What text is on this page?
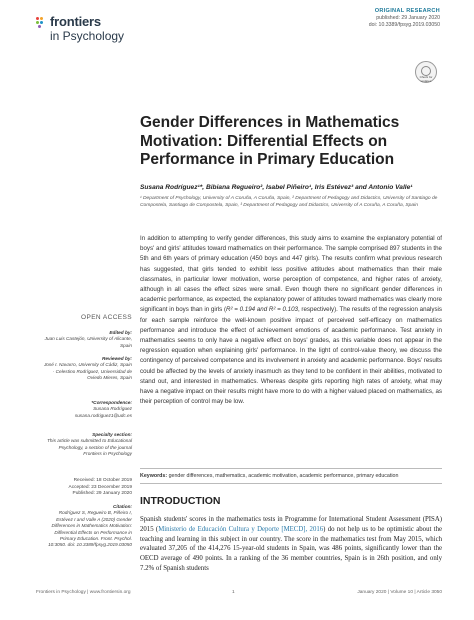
frontiers
in Psychology
ORIGINAL RESEARCH
published: 29 January 2020
doi: 10.3389/fpsyg.2019.03050
Check for updates
Gender Differences in Mathematics Motivation: Differential Effects on Performance in Primary Education
Susana Rodríguez¹*, Bibiana Regueiro², Isabel Piñeiro¹, Iris Estévez³ and Antonio Valle¹
¹ Department of Psychology, University of A Coruña, A Coruña, Spain, ² Department of Pedagogy and Didactics, University of Santiago de Compostela, Santiago de Compostela, Spain, ³ Department of Pedagogy and Didactics, University of A Coruña, A Coruña, Spain
OPEN ACCESS
Edited by:
Juan Luis Castejón, University of Alicante, Spain
Reviewed by:
José I. Navarro, University of Cádiz, Spain · Celestino Rodríguez, Universidad de Oviedo Mieres, Spain
*Correspondence:
Susana Rodríguez susana.rodriguez1@udc.es
Specialty section:
This article was submitted to Educational Psychology, a section of the journal Frontiers in Psychology
Received: 18 October 2019
Accepted: 23 December 2019
Published: 29 January 2020
Citation:
Rodríguez S, Regueiro B, Piñeiro I, Estévez I and Valle A (2020) Gender Differences in Mathematics Motivation: Differential Effects on Performance in Primary Education. Front. Psychol. 10:3050. doi: 10.3389/fpsyg.2019.03050
In addition to attempting to verify gender differences, this study aims to examine the explanatory potential of boys' and girls' attitudes toward mathematics on their performance. The sample comprised 897 students in the 5th and 6th years of primary education (450 boys and 447 girls). The results confirm what previous research has suggested, that girls tended to exhibit less positive attitudes about mathematics than their male classmates, in particular lower motivation, worse perception of competence, and higher rates of anxiety, although in all cases the effect sizes were small. Even though there no significant gender differences in academic performance, as expected, the explanatory power of attitudes toward mathematics was clearly more significant in boys than in girls (R² = 0.194 and R² = 0.103, respectively). The results of the regression analysis for each sample reinforce the well-known positive impact of perceived self-efficacy on mathematics performance and introduce the effect of achievement emotions of academic performance. Test anxiety in mathematics seems to only have a negative effect on boys' grades, as this variable does not appear in the regression equation when explaining girls' performance. In the light of control-value theory, we discuss the contingency of perceived competence and its involvement in anxiety and academic performance. Boys' results could be affected by the levels of anxiety inasmuch as they tend to be confident in their abilities, motivated to stand out, and interested in mathematics. Whereas despite girls reporting high rates of anxiety, what may have a negative impact on their results might have more to do with a higher valued placed on mathematics, as their perception of control may be low.
Keywords: gender differences, mathematics, academic motivation, academic performance, primary education
INTRODUCTION
Spanish students' scores in the mathematics tests in Programme for International Student Assessment (PISA) 2015 (Ministerio de Educación Cultura y Deporte [MECD], 2016) do not help us to be optimistic about the teaching and learning in this subject in our country. The score in the mathematics test from May 2015, which evaluated 37,205 of the 414,276 15-year-old students in Spain, was 486 points, significantly lower than the OECD average of 490 points. In a ranking of the 36 member countries, Spain is in 26th position, and only 7.2% of Spanish students
Frontiers in Psychology | www.frontiersin.org	1	January 2020 | Volume 10 | Article 3050
